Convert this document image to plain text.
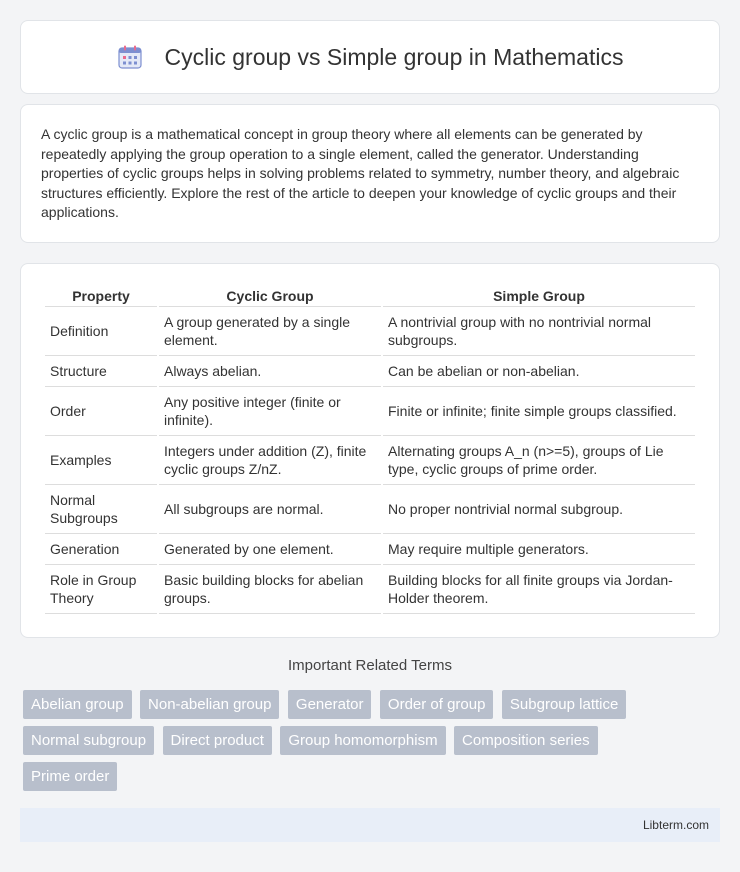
Cyclic group vs Simple group in Mathematics

A cyclic group is a mathematical concept in group theory where all elements can be generated by repeatedly applying the group operation to a single element, called the generator. Understanding properties of cyclic groups helps in solving problems related to symmetry, number theory, and algebraic structures efficiently. Explore the rest of the article to deepen your knowledge of cyclic groups and their applications.

Property	Cyclic Group	Simple Group
Definition	A group generated by a single element.	A nontrivial group with no nontrivial normal subgroups.
Structure	Always abelian.	Can be abelian or non-abelian.
Order	Any positive integer (finite or infinite).	Finite or infinite; finite simple groups classified.
Examples	Integers under addition (Z), finite cyclic groups Z/nZ.	Alternating groups A_n (n>=5), groups of Lie type, cyclic groups of prime order.
Normal Subgroups	All subgroups are normal.	No proper nontrivial normal subgroup.
Generation	Generated by one element.	May require multiple generators.
Role in Group Theory	Basic building blocks for abelian groups.	Building blocks for all finite groups via Jordan-Holder theorem.
Important Related Terms
Abelian group Non-abelian group Generator Order of group Subgroup lattice Normal subgroup Direct product Group homomorphism Composition series Prime order
Libterm.com
